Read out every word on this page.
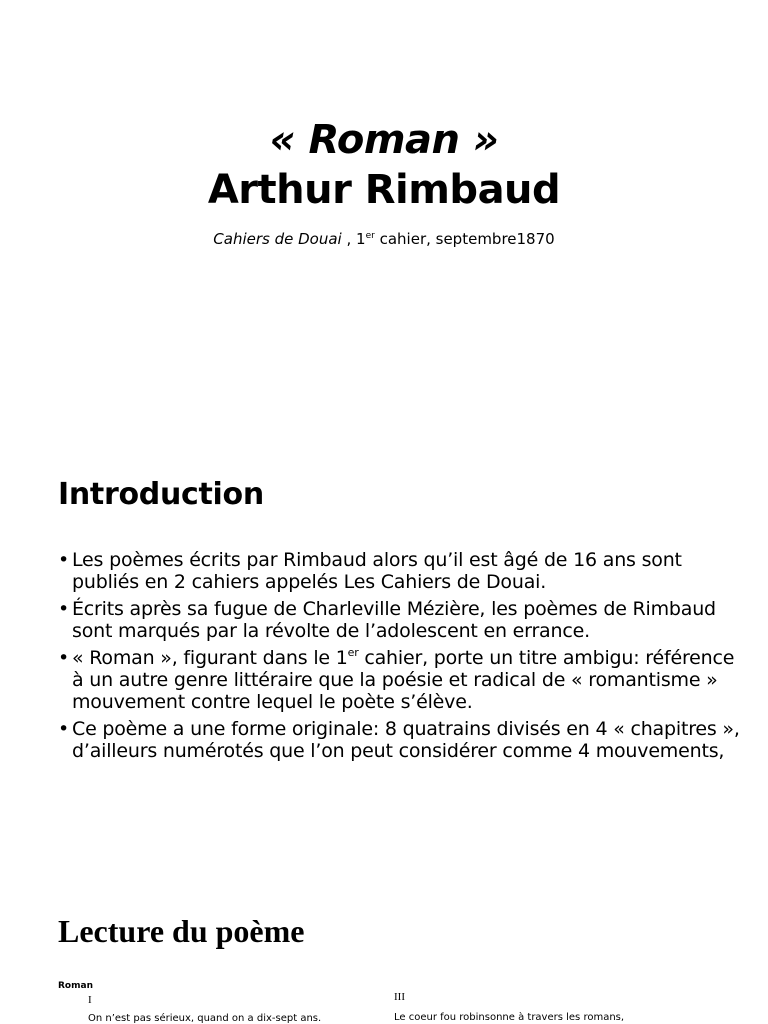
« Roman »
Arthur Rimbaud

Cahiers de Douai , 1er cahier, septembre1870

Introduction
• Les poèmes écrits par Rimbaud alors qu’il est âgé de 16 ans sont publiés en 2 cahiers appelés Les Cahiers de Douai.
• Écrits après sa fugue de Charleville Mézière, les poèmes de Rimbaud sont marqués par la révolte de l’adolescent en errance.
• « Roman », figurant dans le 1er cahier, porte un titre ambigu: référence à un autre genre littéraire que la poésie et radical de « romantisme » mouvement contre lequel le poète s’élève.
• Ce poème a une forme originale: 8 quatrains divisés en 4 « chapitres », d’ailleurs numérotés que l’on peut considérer comme 4 mouvements,
Lecture du poème
Roman
I
On n’est pas sérieux, quand on a dix-sept ans.
III
Le coeur fou robinsonne à travers les romans,
